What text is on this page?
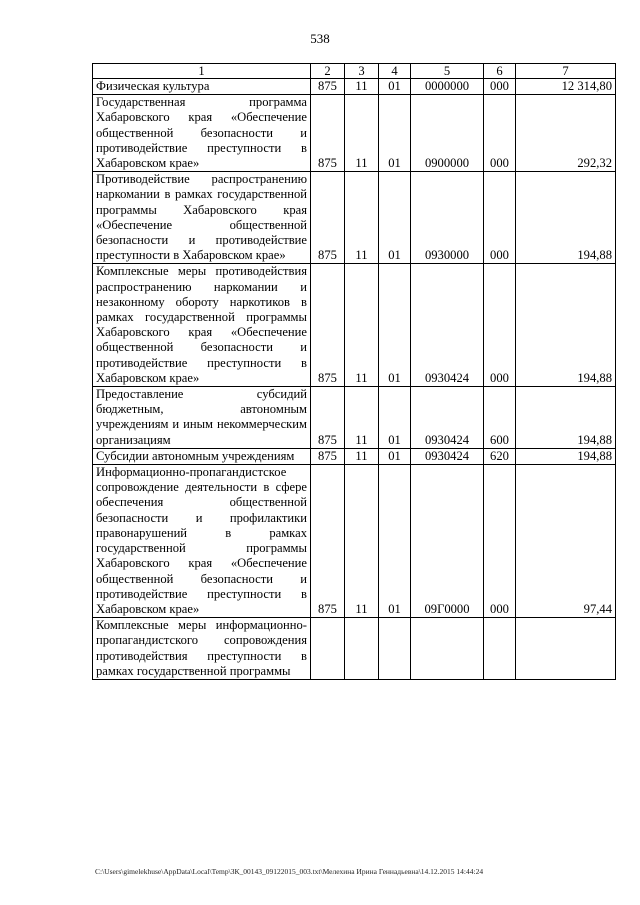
538
1	2	3	4	5	6	7
Физическая культура	875	11	01	0000000	000	12 314,80
Государственная программа Хабаровского края «Обеспечение общественной безопасности и противодействие преступности в Хабаровском крае»	875	11	01	0900000	000	292,32
Противодействие распространению наркомании в рамках государственной программы Хабаровского края «Обеспечение общественной безопасности и противодействие преступности в Хабаровском крае»	875	11	01	0930000	000	194,88
Комплексные меры противодействия распространению наркомании и незаконному обороту наркотиков в рамках государственной программы Хабаровского края «Обеспечение общественной безопасности и противодействие преступности в Хабаровском крае»	875	11	01	0930424	000	194,88
Предоставление субсидий бюджетным, автономным учреждениям и иным некоммерческим организациям	875	11	01	0930424	600	194,88
Субсидии автономным учреждениям	875	11	01	0930424	620	194,88
Информационно-пропагандистское сопровождение деятельности в сфере обеспечения общественной безопасности и профилактики правонарушений в рамках государственной программы Хабаровского края «Обеспечение общественной безопасности и противодействие преступности в Хабаровском крае»	875	11	01	09Г0000	000	97,44
Комплексные меры информационно-пропагандистского сопровождения противодействия преступности в рамках государственной программы						
C:\Users\gimelekhuse\AppData\Local\Temp\ЗК_00143_09122015_003.txt\Мелехина Ирина Геннадьевна\14.12.2015 14:44:24
